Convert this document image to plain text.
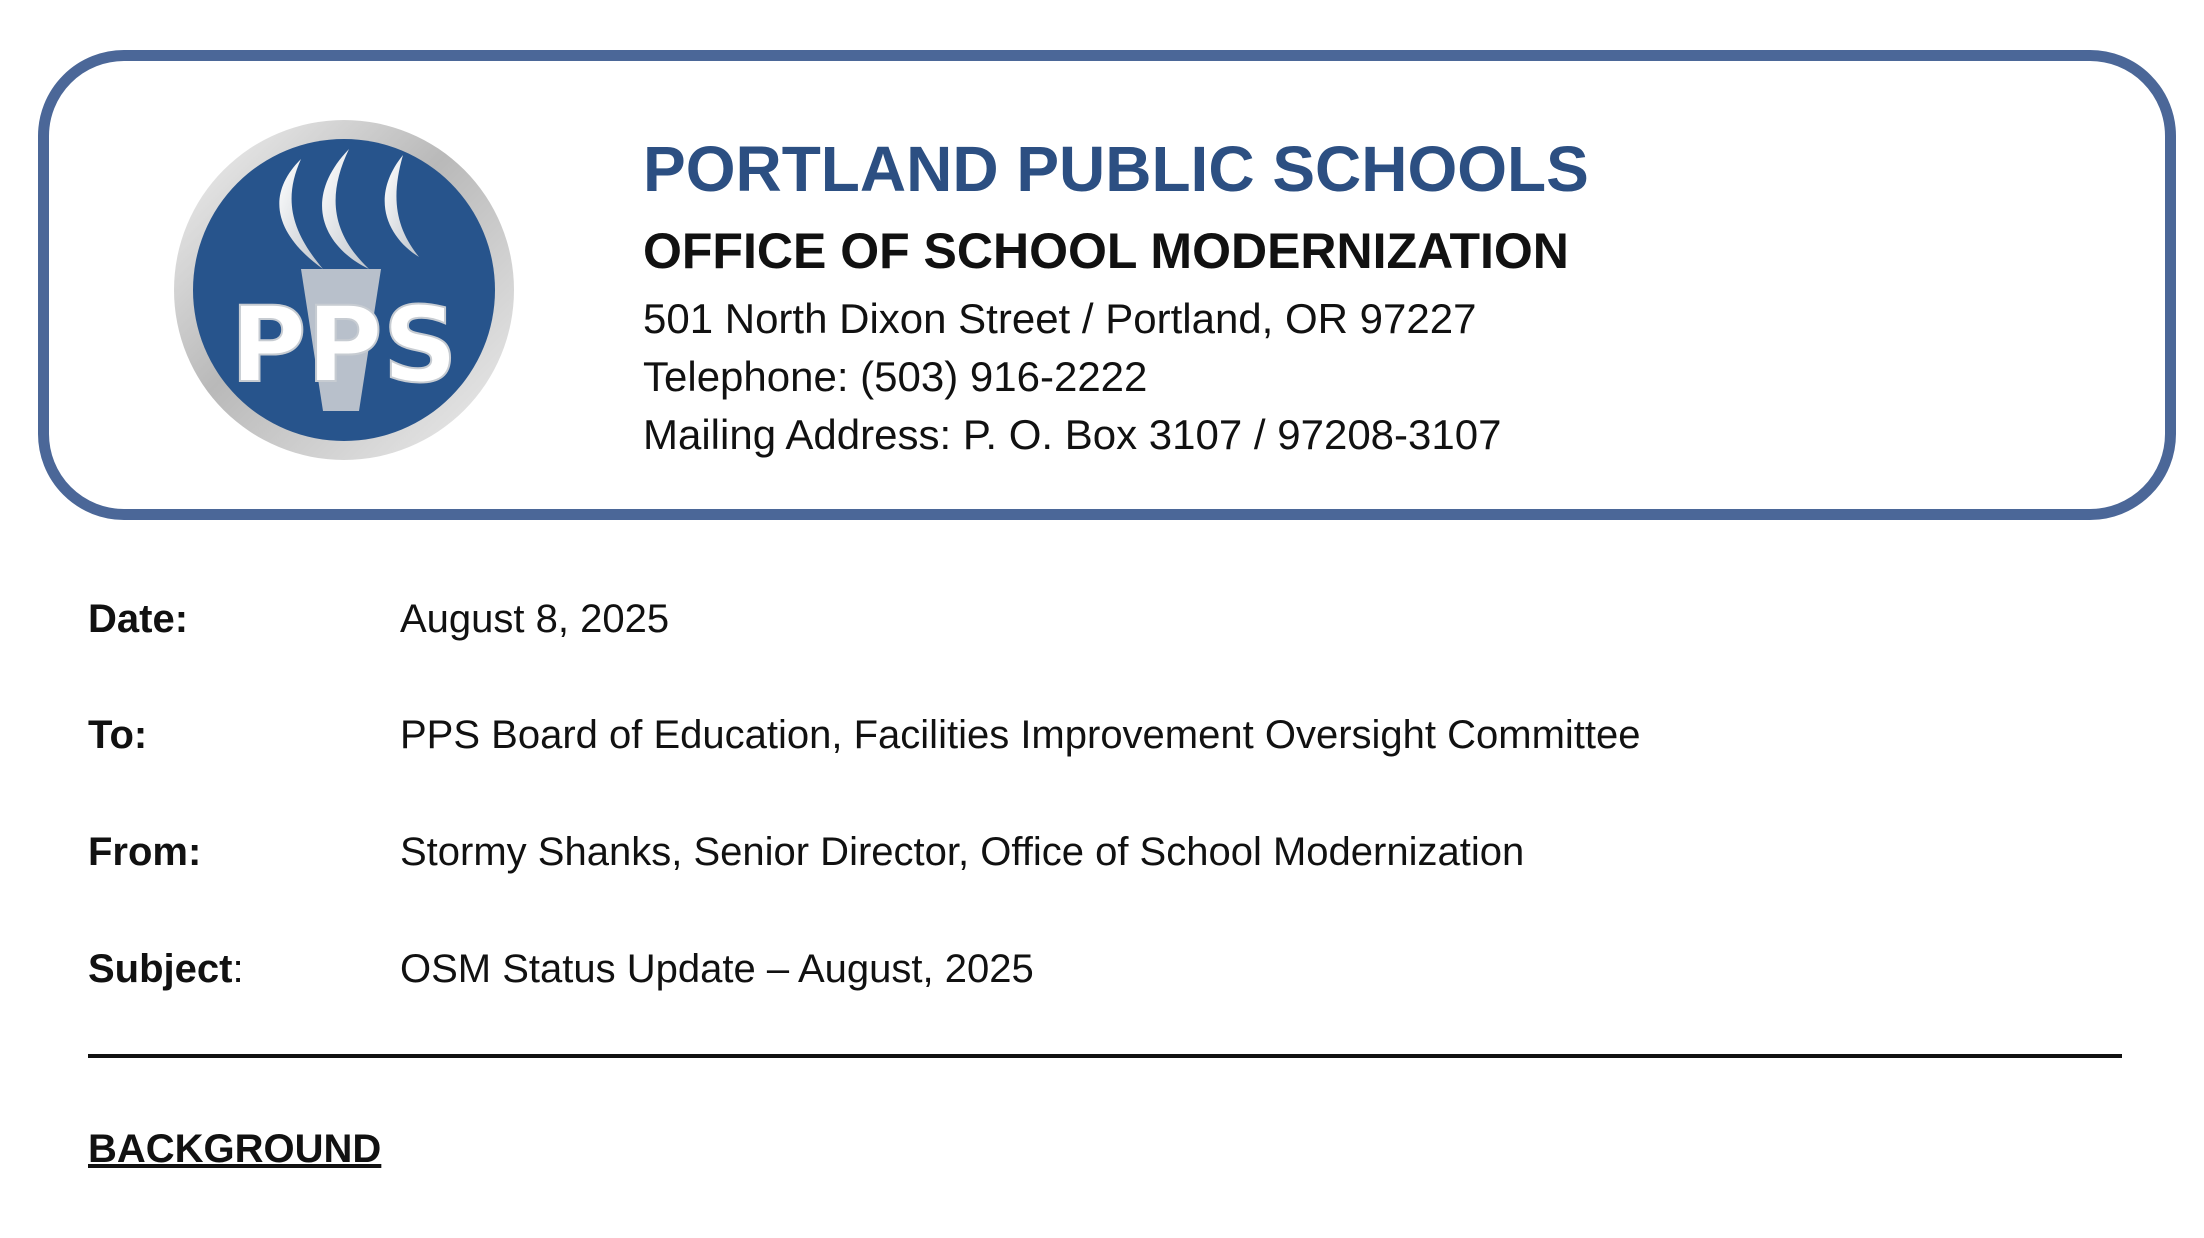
PPS
PORTLAND PUBLIC SCHOOLS
OFFICE OF SCHOOL MODERNIZATION
501 North Dixon Street / Portland, OR 97227
Telephone: (503) 916-2222
Mailing Address: P. O. Box 3107 / 97208-3107
Date:	August 8, 2025
To:	PPS Board of Education, Facilities Improvement Oversight Committee
From:	Stormy Shanks, Senior Director, Office of School Modernization
Subject:	OSM Status Update – August, 2025
BACKGROUND
